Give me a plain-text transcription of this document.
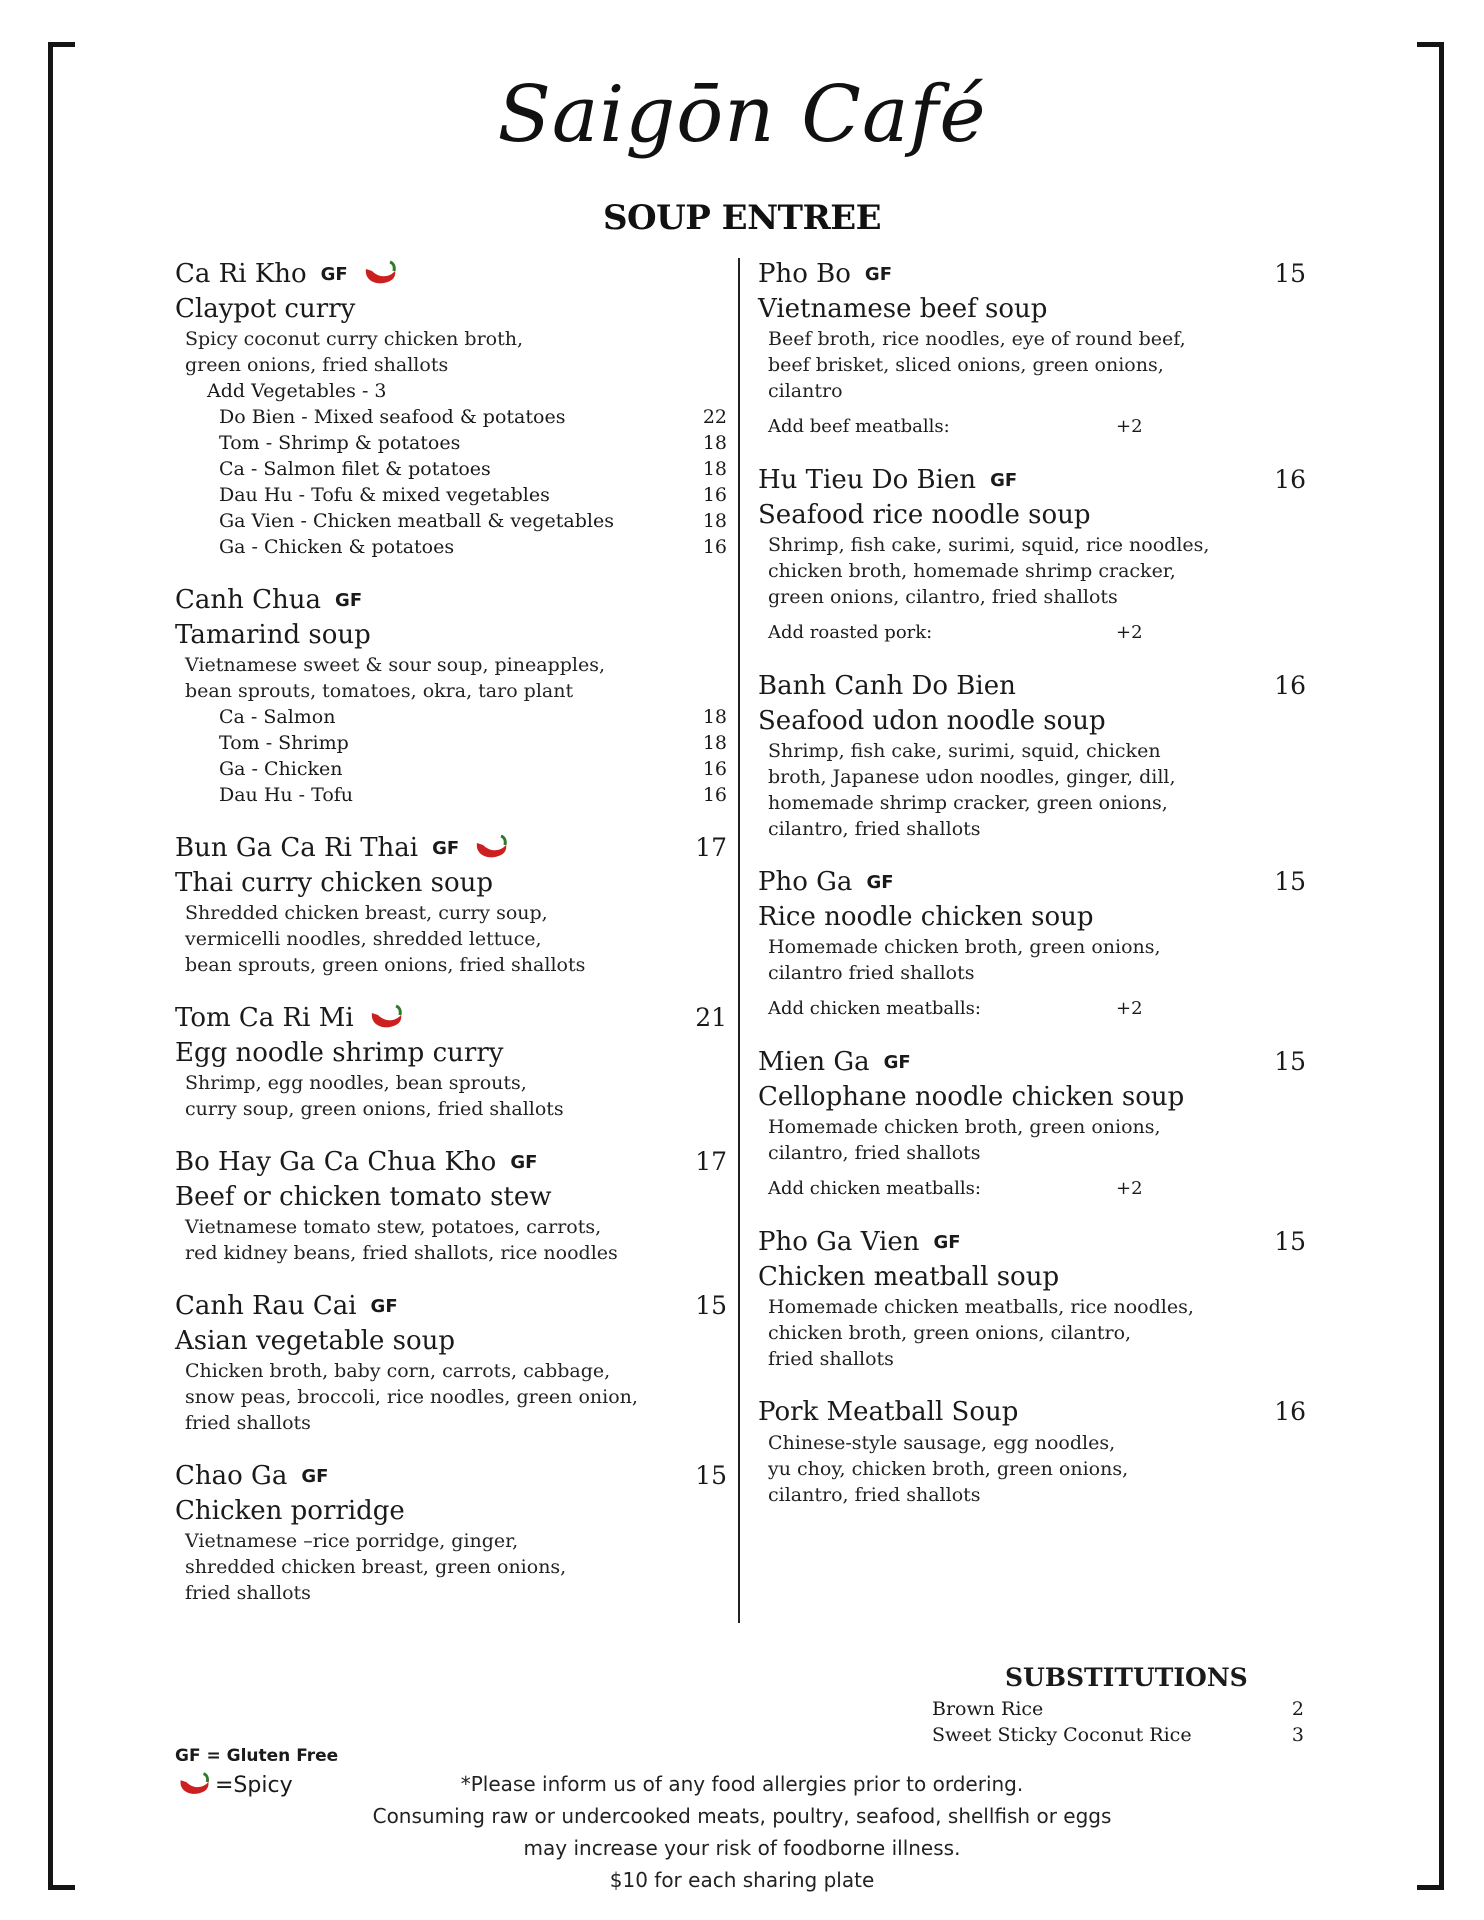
Saigōn Café
SOUP ENTREE
Ca Ri Kho GF
Claypot curry
Spicy coconut curry chicken broth,
green onions, fried shallots
Add Vegetables - 3
Do Bien - Mixed seafood & potatoes	22
Tom - Shrimp & potatoes	18
Ca - Salmon filet & potatoes	18
Dau Hu - Tofu & mixed vegetables	16
Ga Vien - Chicken meatball & vegetables	18
Ga - Chicken & potatoes	16
Canh Chua GF
Tamarind soup
Vietnamese sweet & sour soup, pineapples,
bean sprouts, tomatoes, okra, taro plant
Ca - Salmon	18
Tom - Shrimp	18
Ga - Chicken	16
Dau Hu - Tofu	16
Bun Ga Ca Ri Thai GF	17
Thai curry chicken soup
Shredded chicken breast, curry soup,
vermicelli noodles, shredded lettuce,
bean sprouts, green onions, fried shallots
Tom Ca Ri Mi	21
Egg noodle shrimp curry
Shrimp, egg noodles, bean sprouts,
curry soup, green onions, fried shallots
Bo Hay Ga Ca Chua Kho GF	17
Beef or chicken tomato stew
Vietnamese tomato stew, potatoes, carrots,
red kidney beans, fried shallots, rice noodles
Canh Rau Cai GF	15
Asian vegetable soup
Chicken broth, baby corn, carrots, cabbage,
snow peas, broccoli, rice noodles, green onion,
fried shallots
Chao Ga GF	15
Chicken porridge
Vietnamese –rice porridge, ginger,
shredded chicken breast, green onions,
fried shallots
Pho Bo GF	15
Vietnamese beef soup
Beef broth, rice noodles, eye of round beef,
beef brisket, sliced onions, green onions,
cilantro
Add beef meatballs:	+2
Hu Tieu Do Bien GF	16
Seafood rice noodle soup
Shrimp, fish cake, surimi, squid, rice noodles,
chicken broth, homemade shrimp cracker,
green onions, cilantro, fried shallots
Add roasted pork:	+2
Banh Canh Do Bien	16
Seafood udon noodle soup
Shrimp, fish cake, surimi, squid, chicken
broth, Japanese udon noodles, ginger, dill,
homemade shrimp cracker, green onions,
cilantro, fried shallots
Pho Ga GF	15
Rice noodle chicken soup
Homemade chicken broth, green onions,
cilantro fried shallots
Add chicken meatballs:	+2
Mien Ga GF	15
Cellophane noodle chicken soup
Homemade chicken broth, green onions,
cilantro, fried shallots
Add chicken meatballs:	+2
Pho Ga Vien GF	15
Chicken meatball soup
Homemade chicken meatballs, rice noodles,
chicken broth, green onions, cilantro,
fried shallots
Pork Meatball Soup	16
Chinese-style sausage, egg noodles,
yu choy, chicken broth, green onions,
cilantro, fried shallots
SUBSTITUTIONS
Brown Rice	2
Sweet Sticky Coconut Rice	3
GF = Gluten Free
=Spicy	*Please inform us of any food allergies prior to ordering.
Consuming raw or undercooked meats, poultry, seafood, shellfish or eggs
may increase your risk of foodborne illness.
$10 for each sharing plate
